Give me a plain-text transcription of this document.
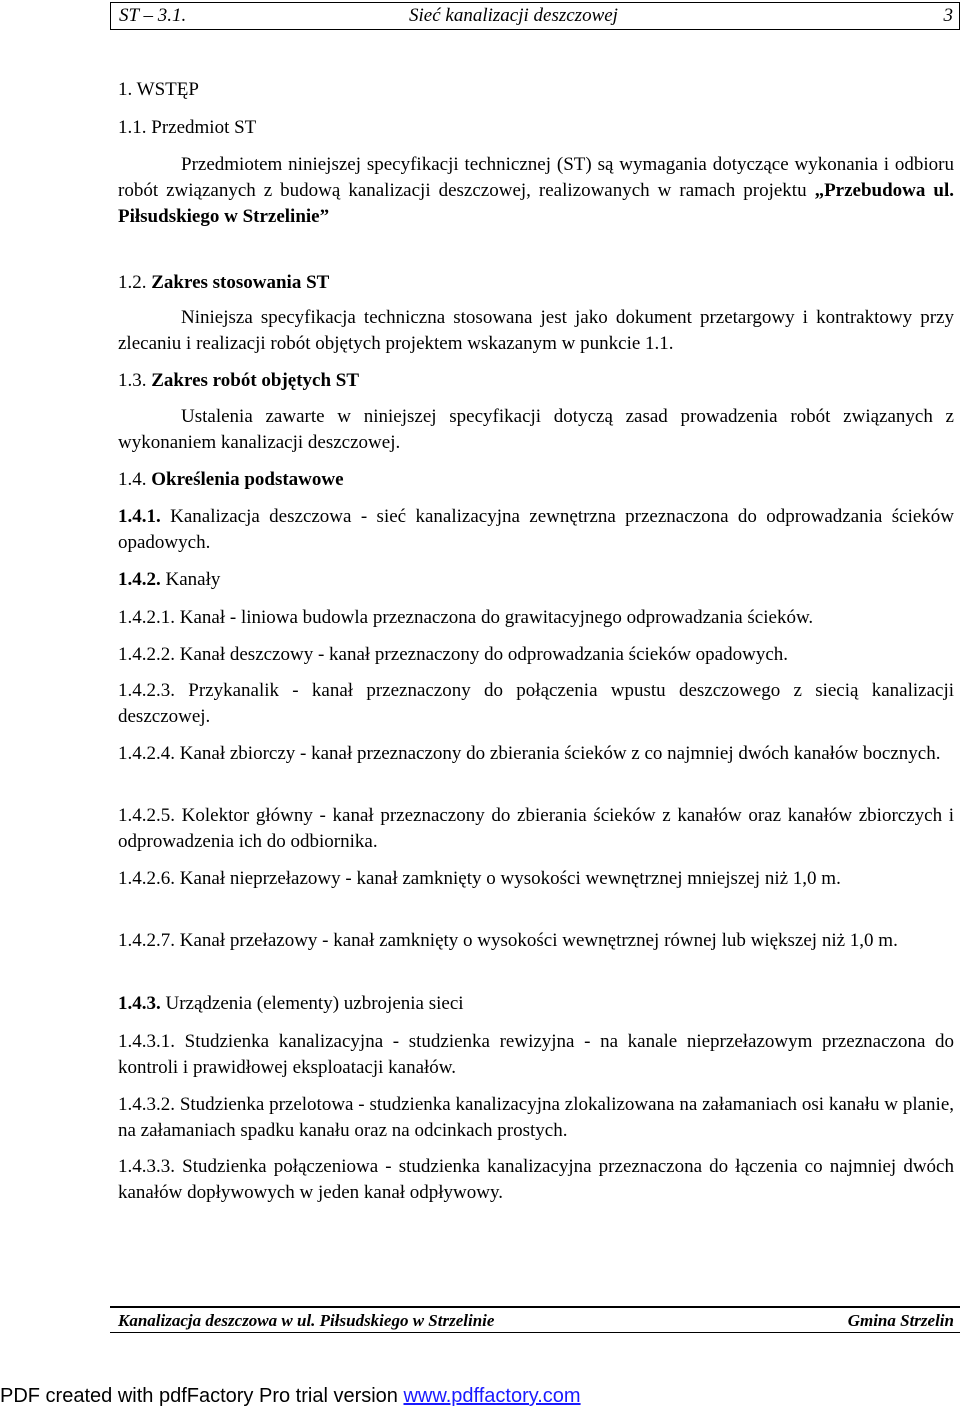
ST – 3.1.	Sieć kanalizacji deszczowej	3

1. WSTĘP

1.1. Przedmiot ST

Przedmiotem niniejszej specyfikacji technicznej (ST) są wymagania dotyczące wykonania i odbioru robót związanych z budową kanalizacji deszczowej, realizowanych w ramach projektu „Przebudowa ul. Piłsudskiego w Strzelinie”

1.2. Zakres stosowania ST

Niniejsza specyfikacja techniczna stosowana jest jako dokument przetargowy i kontraktowy przy zlecaniu i realizacji robót objętych projektem wskazanym w punkcie 1.1.

1.3. Zakres robót objętych ST

Ustalenia zawarte w niniejszej specyfikacji dotyczą zasad prowadzenia robót związanych z wykonaniem kanalizacji deszczowej.

1.4. Określenia podstawowe

1.4.1. Kanalizacja deszczowa - sieć kanalizacyjna zewnętrzna przeznaczona do odprowadzania ścieków opadowych.

1.4.2. Kanały

1.4.2.1. Kanał - liniowa budowla przeznaczona do grawitacyjnego odprowadzania ścieków.

1.4.2.2. Kanał deszczowy - kanał przeznaczony do odprowadzania ścieków opadowych.

1.4.2.3. Przykanalik - kanał przeznaczony do połączenia wpustu deszczowego z siecią kanalizacji deszczowej.

1.4.2.4. Kanał zbiorczy - kanał przeznaczony do zbierania ścieków z co najmniej dwóch kanałów bocznych.

1.4.2.5. Kolektor główny - kanał przeznaczony do zbierania ścieków z kanałów oraz kanałów zbiorczych i odprowadzenia ich do odbiornika.

1.4.2.6. Kanał nieprzełazowy - kanał zamknięty o wysokości wewnętrznej mniejszej niż 1,0 m.

1.4.2.7. Kanał przełazowy - kanał zamknięty o wysokości wewnętrznej równej lub większej niż 1,0 m.

1.4.3. Urządzenia (elementy) uzbrojenia sieci

1.4.3.1. Studzienka kanalizacyjna - studzienka rewizyjna - na kanale nieprzełazowym przeznaczona do kontroli i prawidłowej eksploatacji kanałów.

1.4.3.2. Studzienka przelotowa - studzienka kanalizacyjna zlokalizowana na załamaniach osi kanału w planie, na załamaniach spadku kanału oraz na odcinkach prostych.

1.4.3.3. Studzienka połączeniowa - studzienka kanalizacyjna przeznaczona do łączenia co najmniej dwóch kanałów dopływowych w jeden kanał odpływowy.

Kanalizacja deszczowa w ul. Piłsudskiego w Strzelinie	Gmina Strzelin
PDF created with pdfFactory Pro trial version www.pdffactory.com
